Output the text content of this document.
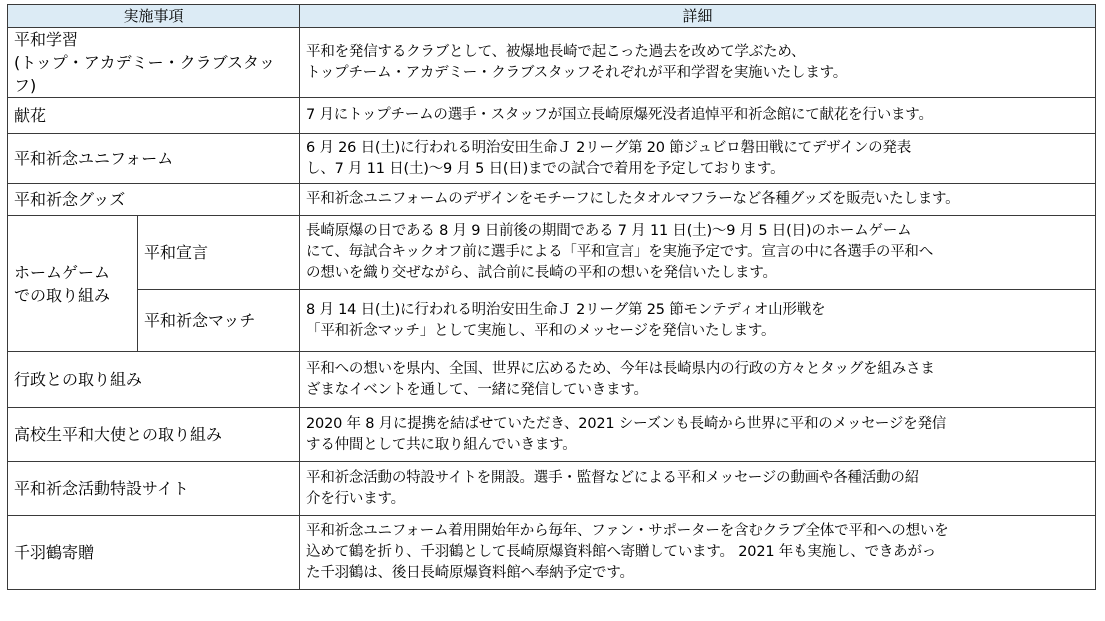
実施事項		詳細
平和学習
(トップ・アカデミー・クラブスタッフ)		平和を発信するクラブとして、被爆地長崎で起こった過去を改めて学ぶため、
トップチーム・アカデミー・クラブスタッフそれぞれが平和学習を実施いたします。
献花		7 月にトップチームの選手・スタッフが国立長崎原爆死没者追悼平和祈念館にて献花を行います。
平和祈念ユニフォーム		6 月 26 日(土)に行われる明治安田生命Ｊ 2リーグ第 20 節ジュビロ磐田戦にてデザインの発表
し、7 月 11 日(土)～9 月 5 日(日)までの試合で着用を予定しております。
平和祈念グッズ		平和祈念ユニフォームのデザインをモチーフにしたタオルマフラーなど各種グッズを販売いたします。
ホームゲーム
での取り組み	平和宣言	長崎原爆の日である 8 月 9 日前後の期間である 7 月 11 日(土)～9 月 5 日(日)のホームゲーム
にて、毎試合キックオフ前に選手による「平和宣言」を実施予定です。宣言の中に各選手の平和へ
の想いを織り交ぜながら、試合前に長崎の平和の想いを発信いたします。
	平和祈念マッチ	8 月 14 日(土)に行われる明治安田生命Ｊ 2リーグ第 25 節モンテディオ山形戦を
「平和祈念マッチ」として実施し、平和のメッセージを発信いたします。
行政との取り組み		平和への想いを県内、全国、世界に広めるため、今年は長崎県内の行政の方々とタッグを組みさま
ざまなイベントを通して、一緒に発信していきます。
高校生平和大使との取り組み		2020 年 8 月に提携を結ばせていただき、2021 シーズンも長崎から世界に平和のメッセージを発信
する仲間として共に取り組んでいきます。
平和祈念活動特設サイト		平和祈念活動の特設サイトを開設。選手・監督などによる平和メッセージの動画や各種活動の紹
介を行います。
千羽鶴寄贈		平和祈念ユニフォーム着用開始年から毎年、ファン・サポーターを含むクラブ全体で平和への想いを
込めて鶴を折り、千羽鶴として長崎原爆資料館へ寄贈しています。 2021 年も実施し、できあがっ
た千羽鶴は、後日長崎原爆資料館へ奉納予定です。
